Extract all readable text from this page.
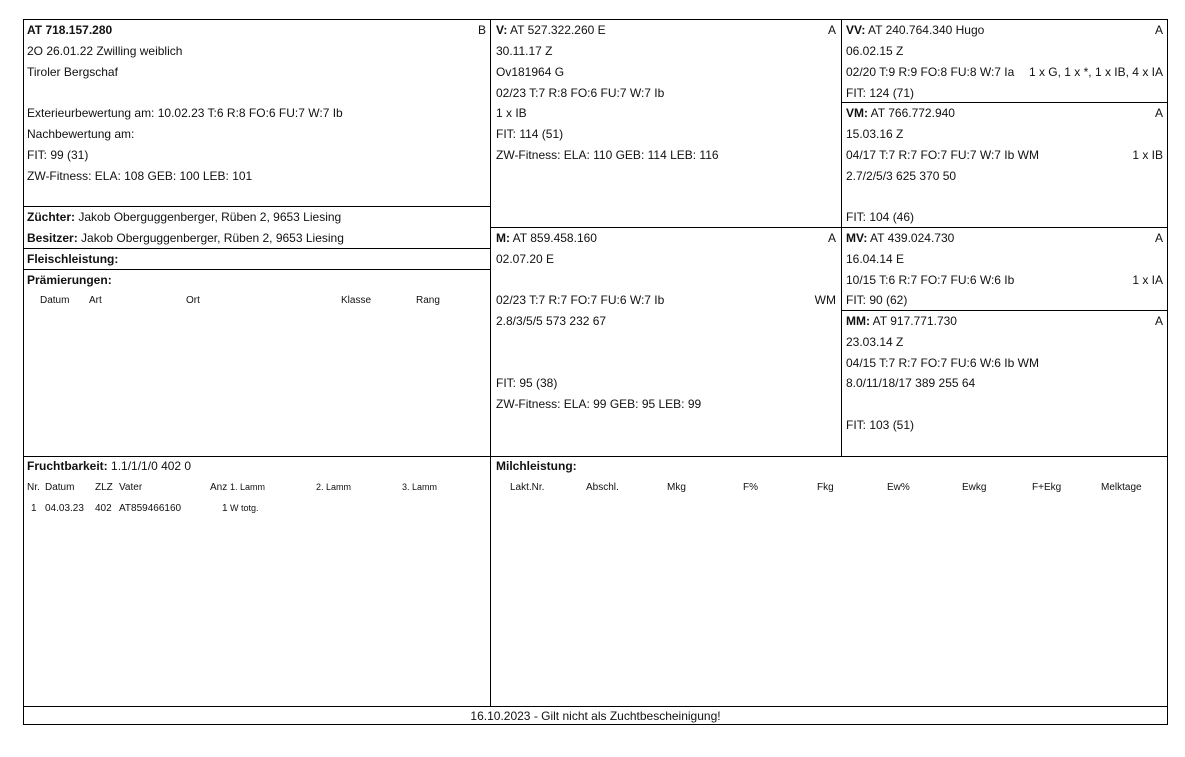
AT 718.157.280	B
2O 26.01.22 Zwilling weiblich
Tiroler Bergschaf
Exterieurbewertung am: 10.02.23 T:6 R:8 FO:6 FU:7 W:7 Ib
Nachbewertung am:
FIT: 99 (31)
ZW-Fitness: ELA: 108 GEB: 100 LEB: 101
Züchter: Jakob Oberguggenberger, Rüben 2, 9653 Liesing
Besitzer: Jakob Oberguggenberger, Rüben 2, 9653 Liesing
Fleischleistung:
Prämierungen:
Datum Art	Ort	Klasse	Rang
V: AT 527.322.260 E	A
30.11.17 Z
Ov181964 G
02/23 T:7 R:8 FO:6 FU:7 W:7 Ib
1 x IB
FIT: 114 (51)
ZW-Fitness: ELA: 110 GEB: 114 LEB: 116
M: AT 859.458.160	A
02.07.20 E
02/23 T:7 R:7 FO:7 FU:6 W:7 Ib	WM
2.8/3/5/5 573 232 67
FIT: 95 (38)
ZW-Fitness: ELA: 99 GEB: 95 LEB: 99
VV: AT 240.764.340 Hugo	A
06.02.15 Z
02/20 T:9 R:9 FO:8 FU:8 W:7 Ia	1 x G, 1 x *, 1 x IB, 4 x IA
FIT: 124 (71)
VM: AT 766.772.940	A
15.03.16 Z
04/17 T:7 R:7 FO:7 FU:7 W:7 Ib WM	1 x IB
2.7/2/5/3 625 370 50
FIT: 104 (46)
MV: AT 439.024.730	A
16.04.14 E
10/15 T:6 R:7 FO:7 FU:6 W:6 Ib	1 x IA
FIT: 90 (62)
MM: AT 917.771.730	A
23.03.14 Z
04/15 T:7 R:7 FO:7 FU:6 W:6 Ib WM
8.0/11/18/17 389 255 64
FIT: 103 (51)
Fruchtbarkeit: 1.1/1/1/0 402 0
Nr. Datum ZLZ Vater	Anz 1. Lamm	2. Lamm	3. Lamm
1 04.03.23 402 AT859466160	1 W totg.
Milchleistung:
Lakt.Nr.	Abschl.	Mkg	F%	Fkg	Ew%	Ewkg	F+Ekg	Melktage
16.10.2023 - Gilt nicht als Zuchtbescheinigung!
